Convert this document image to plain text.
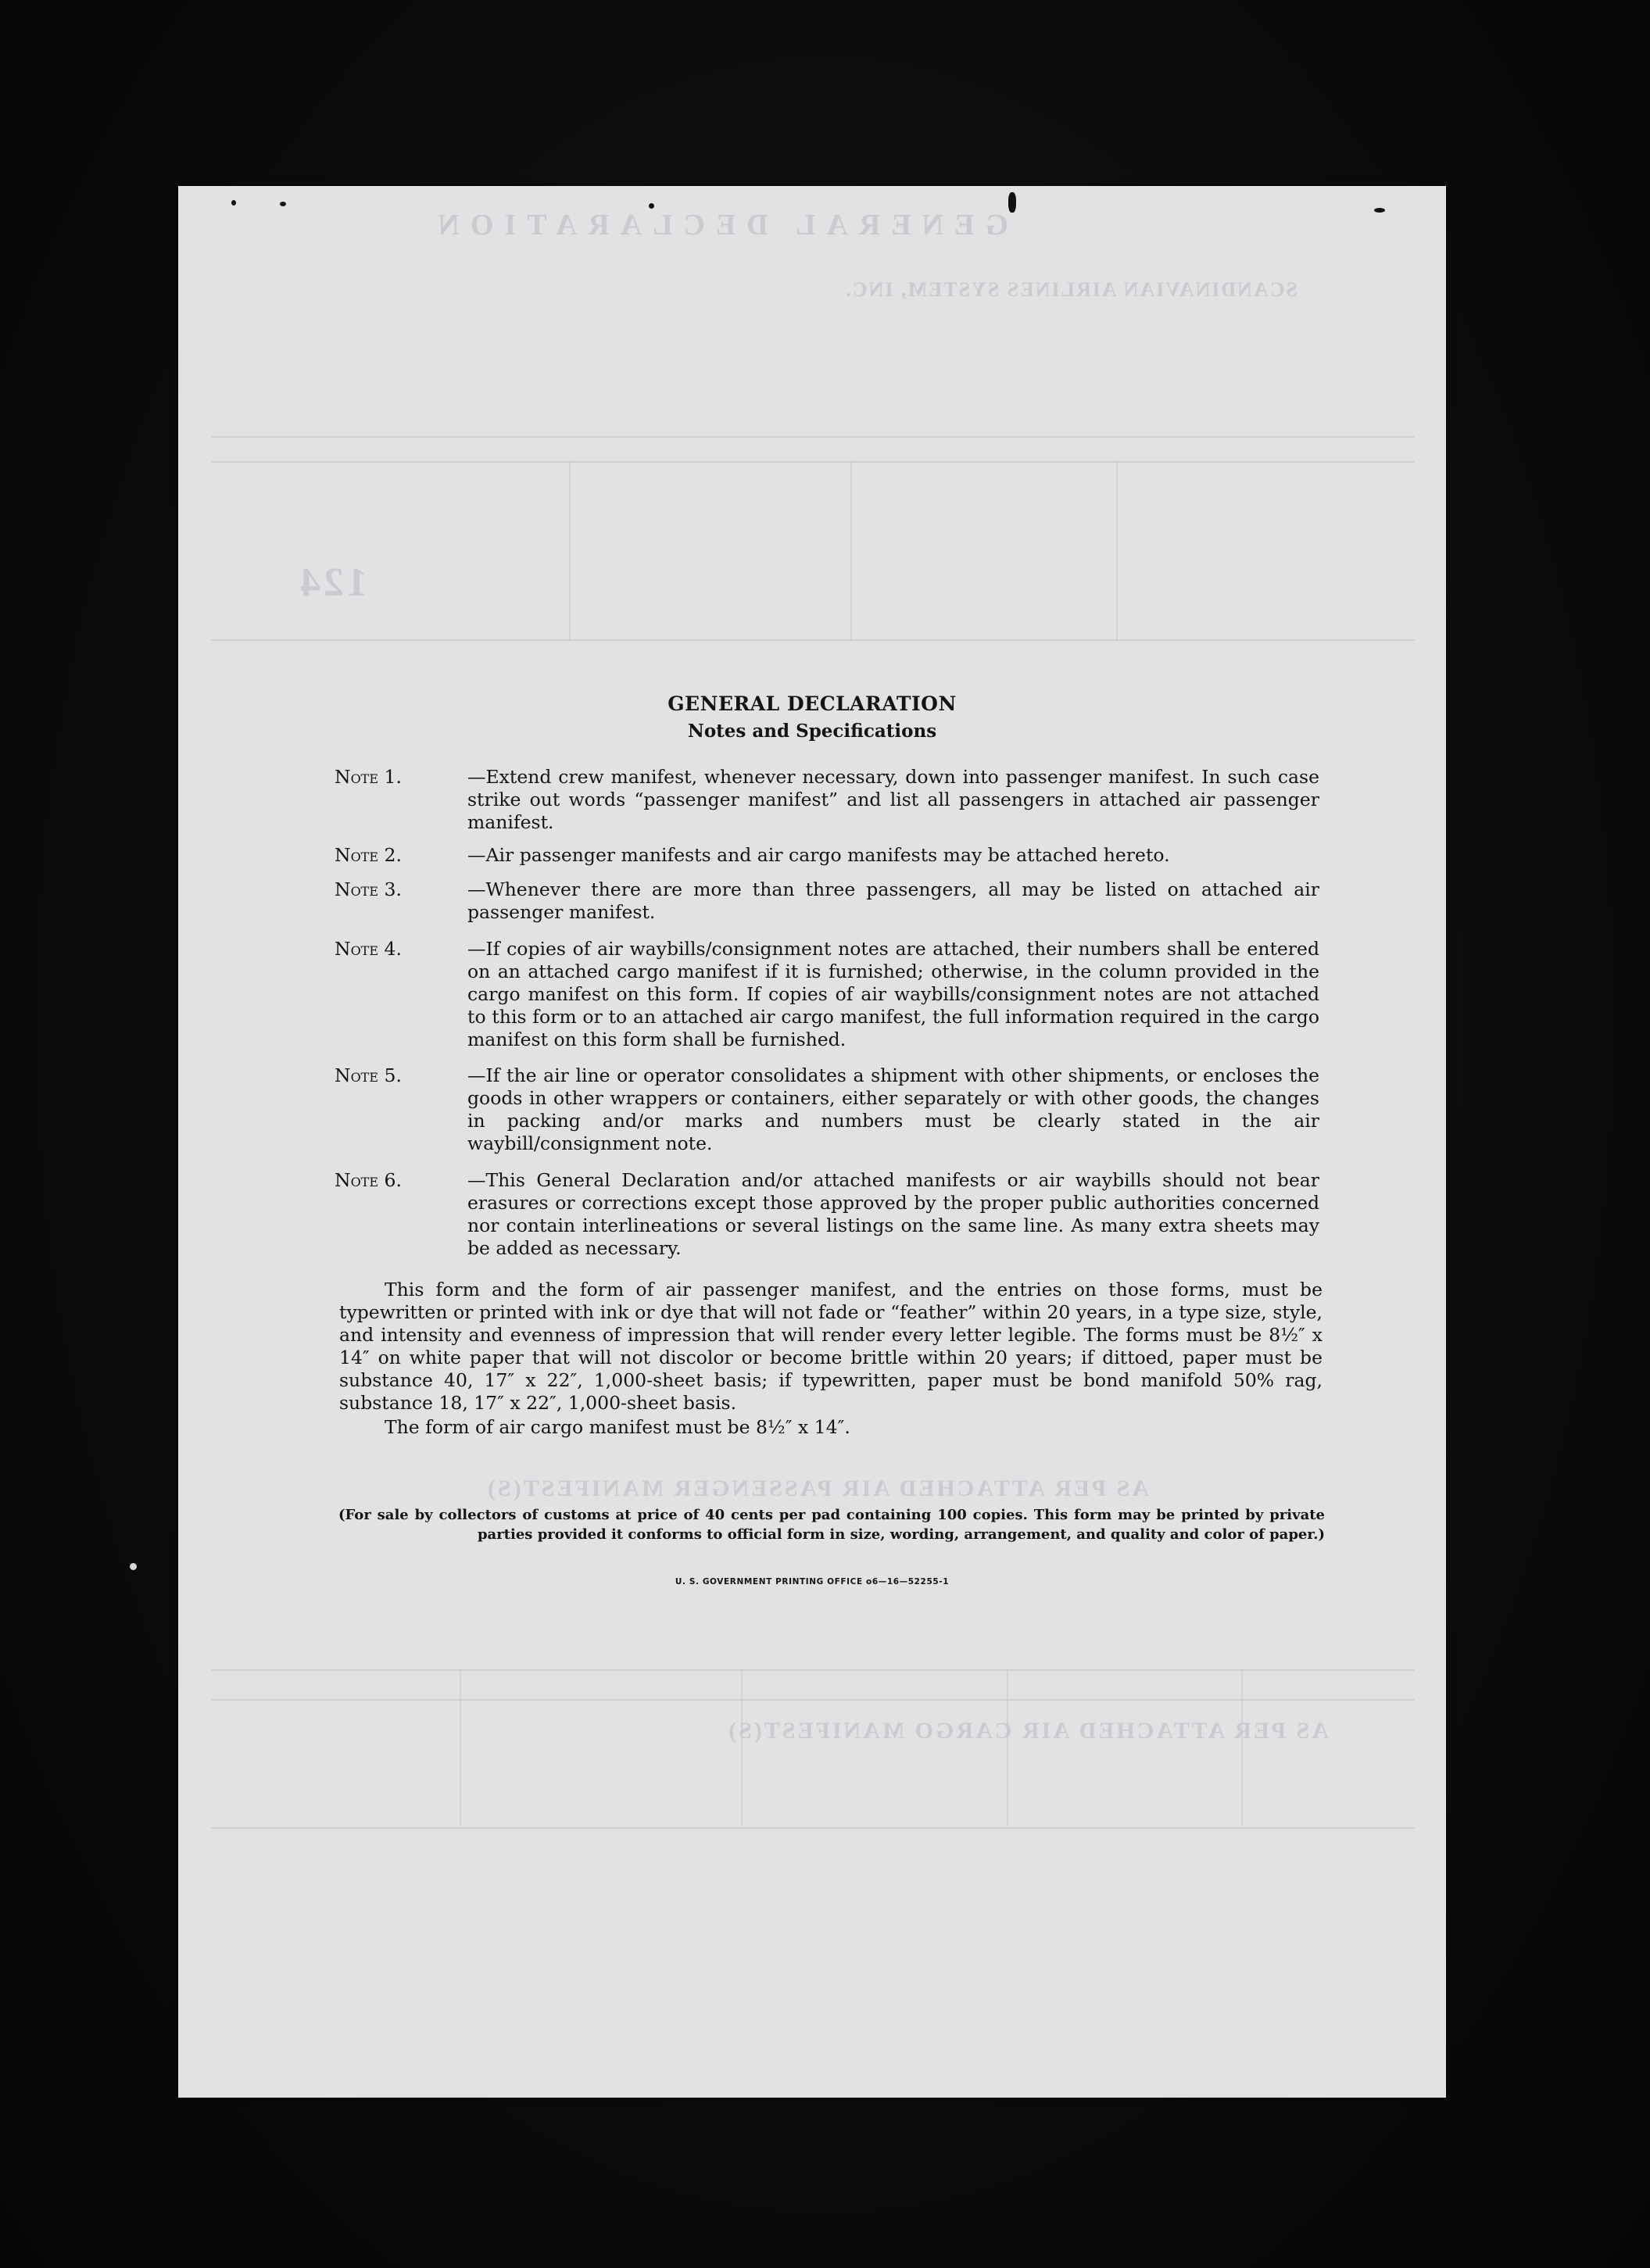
GENERAL DECLARATION
SCANDINAVIAN AIRLINES SYSTEM, INC.
124
AS PER ATTACHED AIR PASSENGER MANIFEST(S)
AS PER ATTACHED AIR CARGO MANIFEST(S)
GENERAL DECLARATION
Notes and Specifications
Note 1.	—Extend crew manifest, whenever necessary, down into passenger manifest. In such case strike out words “passenger manifest” and list all passengers in attached air passenger manifest.
Note 2.	—Air passenger manifests and air cargo manifests may be attached hereto.
Note 3.	—Whenever there are more than three passengers, all may be listed on attached air passenger manifest.
Note 4.	—If copies of air waybills/consignment notes are attached, their numbers shall be entered on an attached cargo manifest if it is furnished; otherwise, in the column provided in the cargo manifest on this form. If copies of air waybills/consignment notes are not attached to this form or to an attached air cargo manifest, the full information required in the cargo manifest on this form shall be furnished.
Note 5.	—If the air line or operator consolidates a shipment with other shipments, or encloses the goods in other wrappers or containers, either separately or with other goods, the changes in packing and/or marks and numbers must be clearly stated in the air waybill/consignment note.
Note 6.	—This General Declaration and/or attached manifests or air waybills should not bear erasures or corrections except those approved by the proper public authorities concerned nor contain interlineations or several listings on the same line. As many extra sheets may be added as necessary.
This form and the form of air passenger manifest, and the entries on those forms, must be typewritten or printed with ink or dye that will not fade or “feather” within 20 years, in a type size, style, and intensity and evenness of impression that will render every letter legible. The forms must be 8½″ x 14″ on white paper that will not discolor or become brittle within 20 years; if dittoed, paper must be substance 40, 17″ x 22″, 1,000-sheet basis; if typewritten, paper must be bond manifold 50% rag, substance 18, 17″ x 22″, 1,000-sheet basis.
The form of air cargo manifest must be 8½″ x 14″.
(For sale by collectors of customs at price of 40 cents per pad containing 100 copies. This form may be printed by private parties provided it conforms to official form in size, wording, arrangement, and quality and color of paper.)
U. S. GOVERNMENT PRINTING OFFICE o6—16—52255-1
